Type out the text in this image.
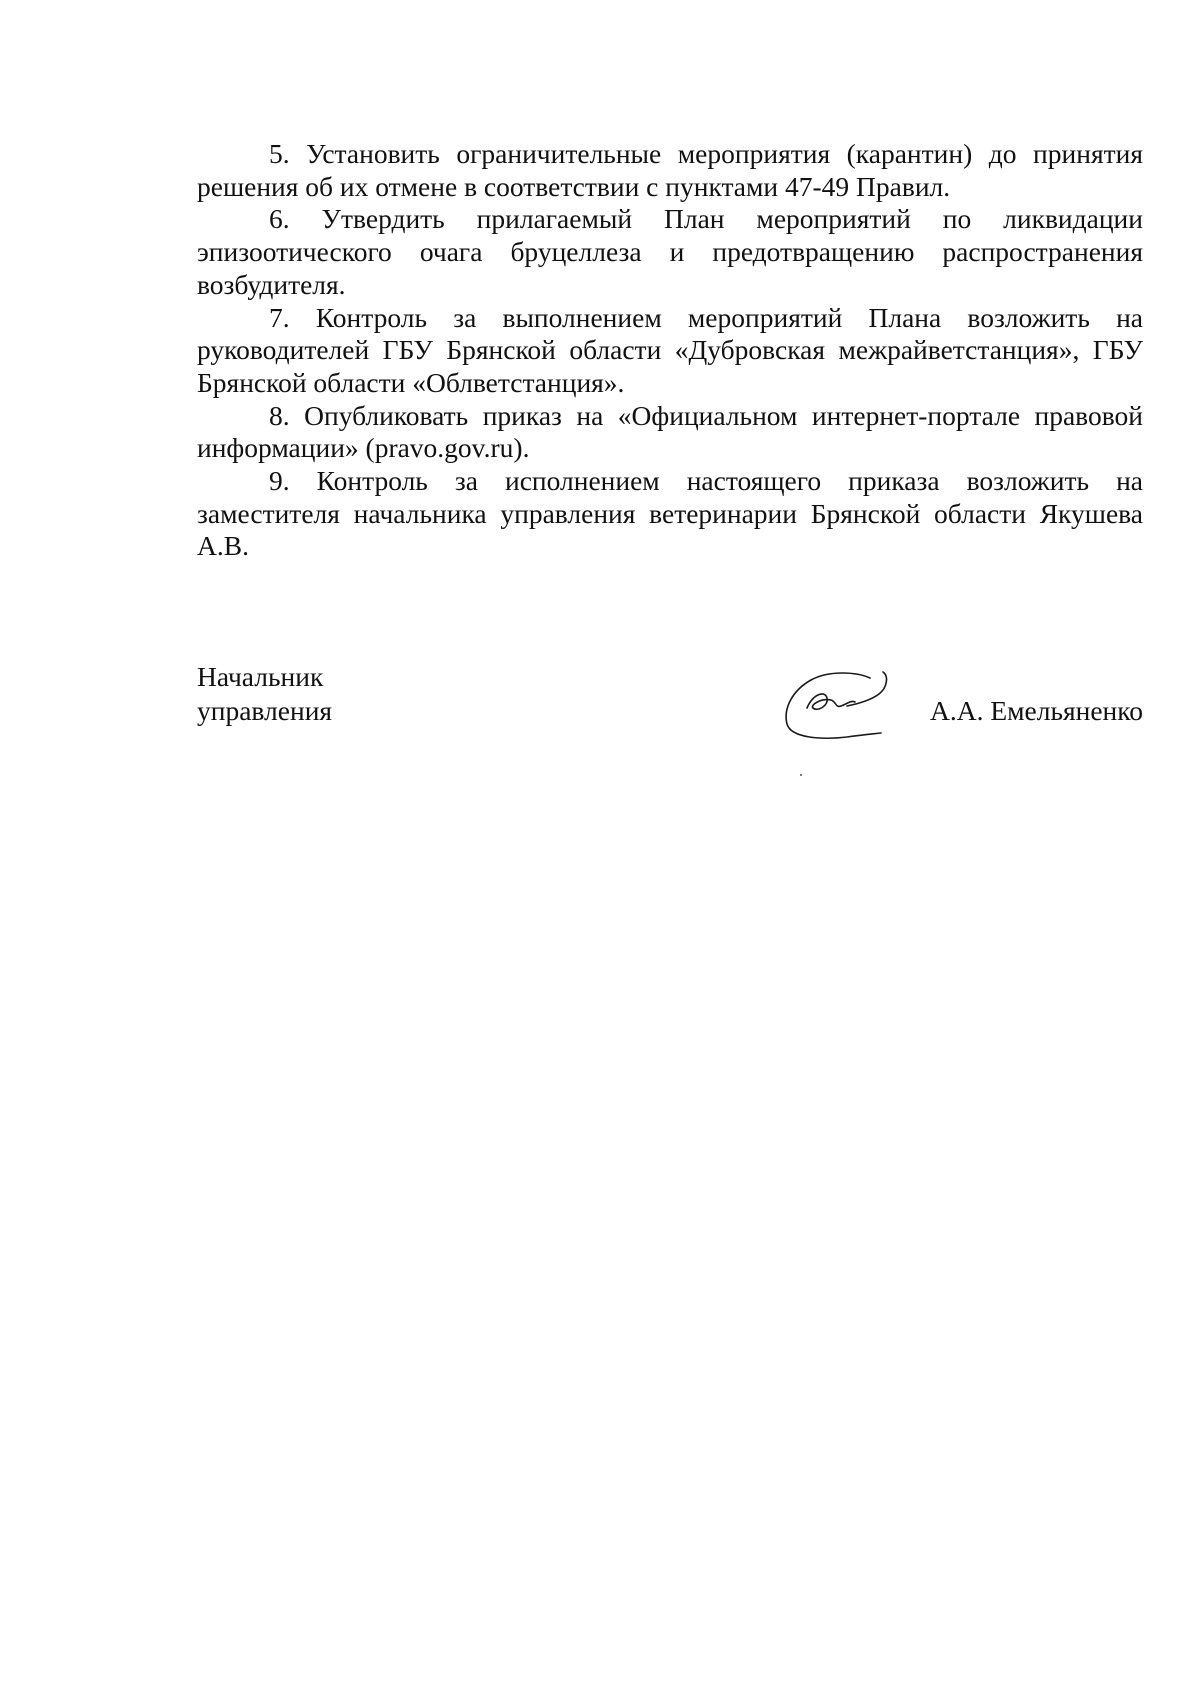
5. Установить ограничительные мероприятия (карантин) до принятия решения об их отмене в соответствии с пунктами 47-49 Правил.

6. Утвердить прилагаемый План мероприятий по ликвидации эпизоотического очага бруцеллеза и предотвращению распространения возбудителя.

7. Контроль за выполнением мероприятий Плана возложить на руководителей ГБУ Брянской области «Дубровская межрайветстанция», ГБУ Брянской области «Облветстанция».

8. Опубликовать приказ на «Официальном интернет-портале правовой информации» (pravo.gov.ru).

9. Контроль за исполнением настоящего приказа возложить на заместителя начальника управления ветеринарии Брянской области Якушева А.В.

Начальник
управления	А.А. Емельяненко
